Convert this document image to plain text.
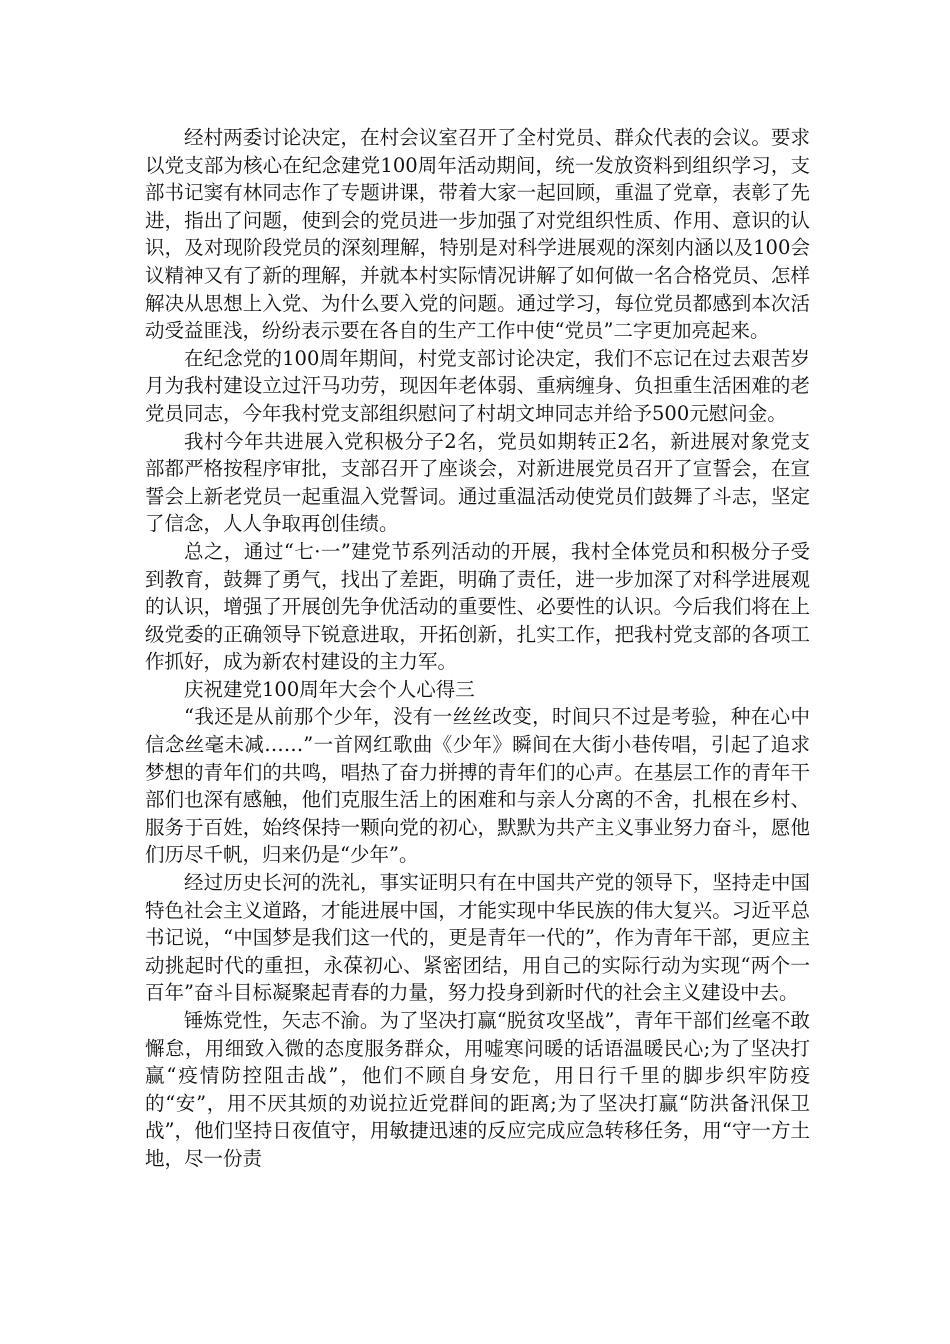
经村两委讨论决定，在村会议室召开了全村党员、群众代表的会议。要求以党支部为核心在纪念建党100周年活动期间，统一发放资料到组织学习，支部书记窦有林同志作了专题讲课，带着大家一起回顾，重温了党章，表彰了先进，指出了问题，使到会的党员进一步加强了对党组织性质、作用、意识的认识，及对现阶段党员的深刻理解，特别是对科学进展观的深刻内涵以及100会议精神又有了新的理解，并就本村实际情况讲解了如何做一名合格党员、怎样解决从思想上入党、为什么要入党的问题。通过学习，每位党员都感到本次活动受益匪浅，纷纷表示要在各自的生产工作中使“党员”二字更加亮起来。

在纪念党的100周年期间，村党支部讨论决定，我们不忘记在过去艰苦岁月为我村建设立过汗马功劳，现因年老体弱、重病缠身、负担重生活困难的老党员同志，今年我村党支部组织慰问了村胡文坤同志并给予500元慰问金。

我村今年共进展入党积极分子2名，党员如期转正2名，新进展对象党支部都严格按程序审批，支部召开了座谈会，对新进展党员召开了宣誓会，在宣誓会上新老党员一起重温入党誓词。通过重温活动使党员们鼓舞了斗志，坚定了信念，人人争取再创佳绩。

总之，通过“七·一”建党节系列活动的开展，我村全体党员和积极分子受到教育，鼓舞了勇气，找出了差距，明确了责任，进一步加深了对科学进展观的认识，增强了开展创先争优活动的重要性、必要性的认识。今后我们将在上级党委的正确领导下锐意进取，开拓创新，扎实工作，把我村党支部的各项工作抓好，成为新农村建设的主力军。

庆祝建党100周年大会个人心得三

“我还是从前那个少年，没有一丝丝改变，时间只不过是考验，种在心中信念丝毫未减……”一首网红歌曲《少年》瞬间在大街小巷传唱，引起了追求梦想的青年们的共鸣，唱热了奋力拼搏的青年们的心声。在基层工作的青年干部们也深有感触，他们克服生活上的困难和与亲人分离的不舍，扎根在乡村、服务于百姓，始终保持一颗向党的初心，默默为共产主义事业努力奋斗，愿他们历尽千帆，归来仍是“少年”。

经过历史长河的洗礼，事实证明只有在中国共产党的领导下，坚持走中国特色社会主义道路，才能进展中国，才能实现中华民族的伟大复兴。习近平总书记说，“中国梦是我们这一代的，更是青年一代的”，作为青年干部，更应主动挑起时代的重担，永葆初心、紧密团结，用自己的实际行动为实现“两个一百年”奋斗目标凝聚起青春的力量，努力投身到新时代的社会主义建设中去。

锤炼党性，矢志不渝。为了坚决打赢“脱贫攻坚战”，青年干部们丝毫不敢懈怠，用细致入微的态度服务群众，用嘘寒问暖的话语温暖民心;为了坚决打赢“疫情防控阻击战”，他们不顾自身安危，用日行千里的脚步织牢防疫的“安”，用不厌其烦的劝说拉近党群间的距离;为了坚决打赢“防洪备汛保卫战”，他们坚持日夜值守，用敏捷迅速的反应完成应急转移任务，用“守一方土地，尽一份责
